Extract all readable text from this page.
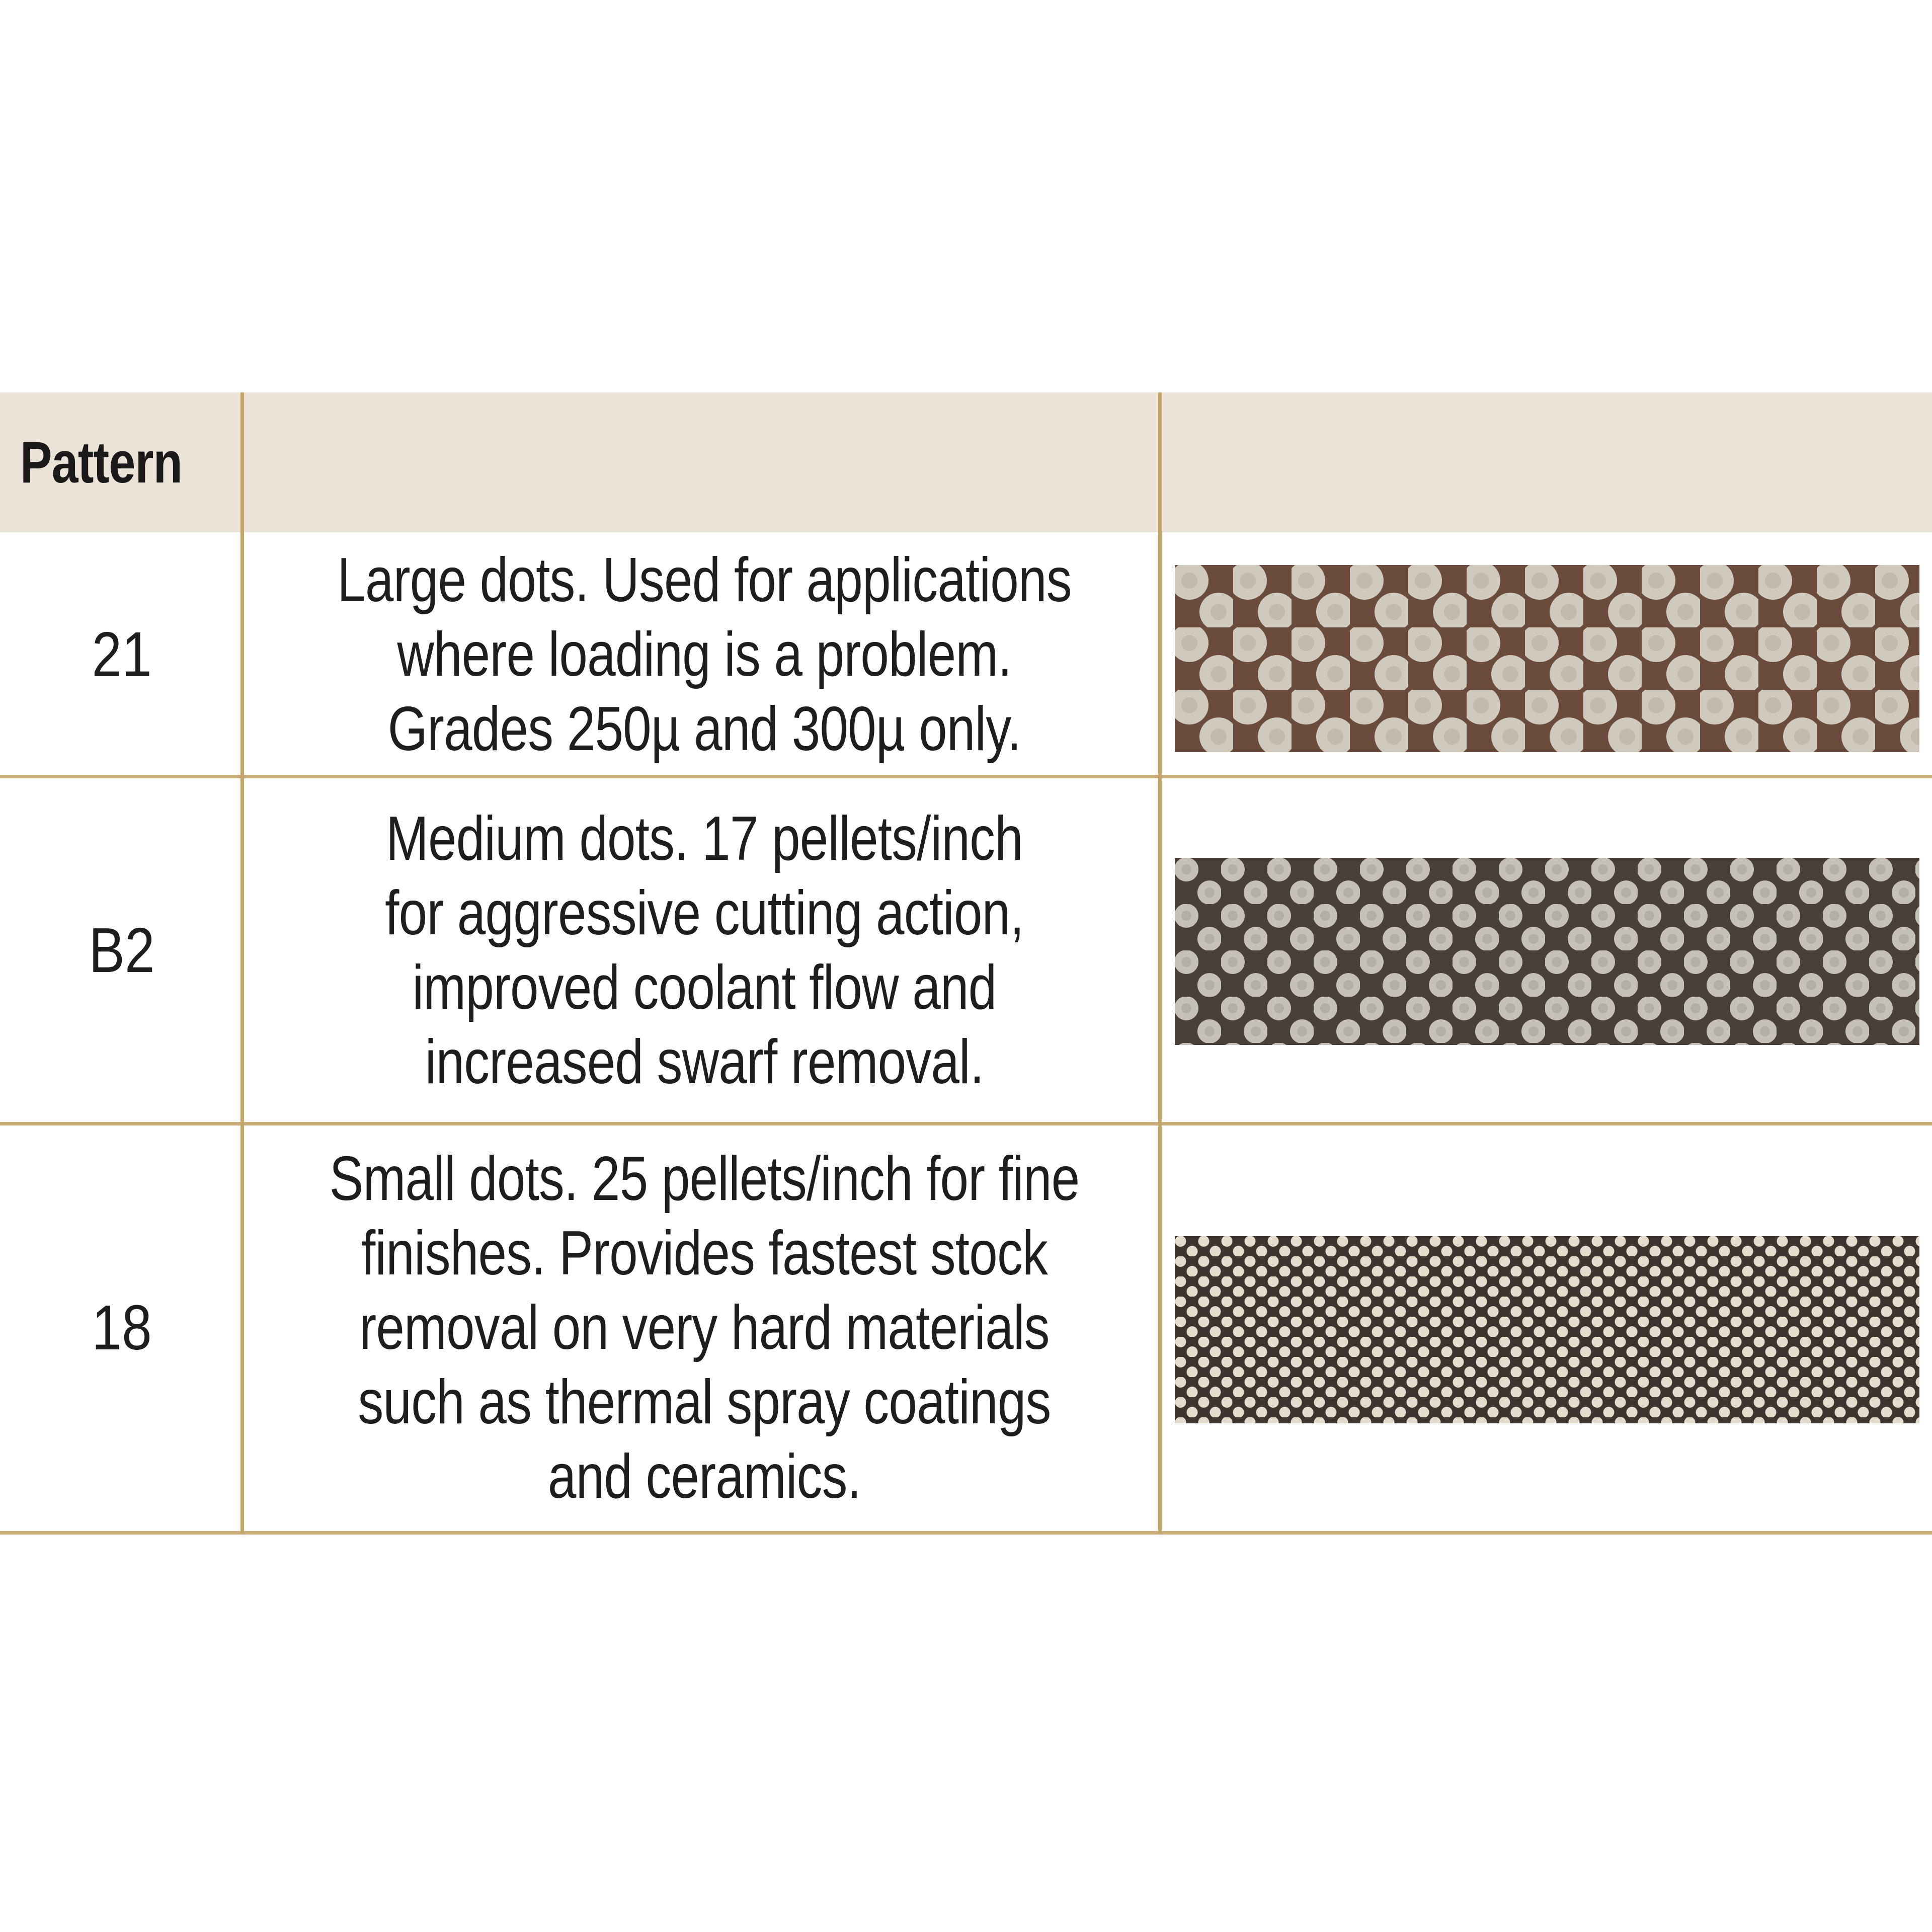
Pattern
21
Large dots. Used for applications
where loading is a problem.
Grades 250µ and 300µ only.
B2
Medium dots. 17 pellets/inch
for aggressive cutting action,
improved coolant flow and
increased swarf removal.
18
Small dots. 25 pellets/inch for fine
finishes. Provides fastest stock
removal on very hard materials
such as thermal spray coatings
and ceramics.
